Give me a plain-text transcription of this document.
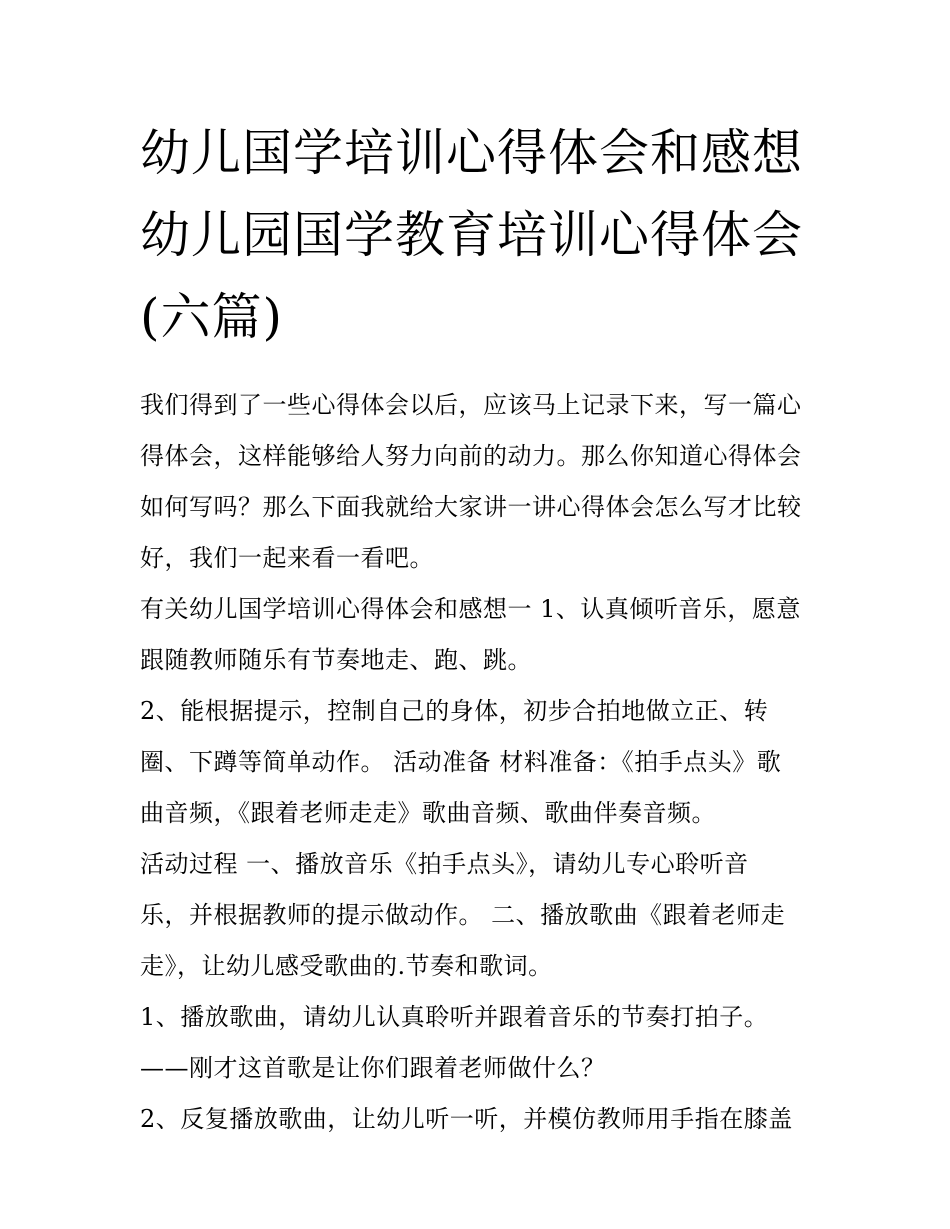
幼儿国学培训心得体会和感想
幼儿园国学教育培训心得体会
(六篇)
我们得到了一些心得体会以后，应该马上记录下来，写一篇心
得体会，这样能够给人努力向前的动力。那么你知道心得体会
如何写吗？那么下面我就给大家讲一讲心得体会怎么写才比较
好，我们一起来看一看吧。
有关幼儿国学培训心得体会和感想一 1、认真倾听音乐，愿意
跟随教师随乐有节奏地走、跑、跳。
2、能根据提示，控制自己的身体，初步合拍地做立正、转
圈、下蹲等简单动作。 活动准备 材料准备：《拍手点头》歌
曲音频，《跟着老师走走》歌曲音频、歌曲伴奏音频。
活动过程 一、播放音乐《拍手点头》，请幼儿专心聆听音
乐，并根据教师的提示做动作。 二、播放歌曲《跟着老师走
走》，让幼儿感受歌曲的.节奏和歌词。
1、播放歌曲，请幼儿认真聆听并跟着音乐的节奏打拍子。
——刚才这首歌是让你们跟着老师做什么？
2、反复播放歌曲，让幼儿听一听，并模仿教师用手指在膝盖
